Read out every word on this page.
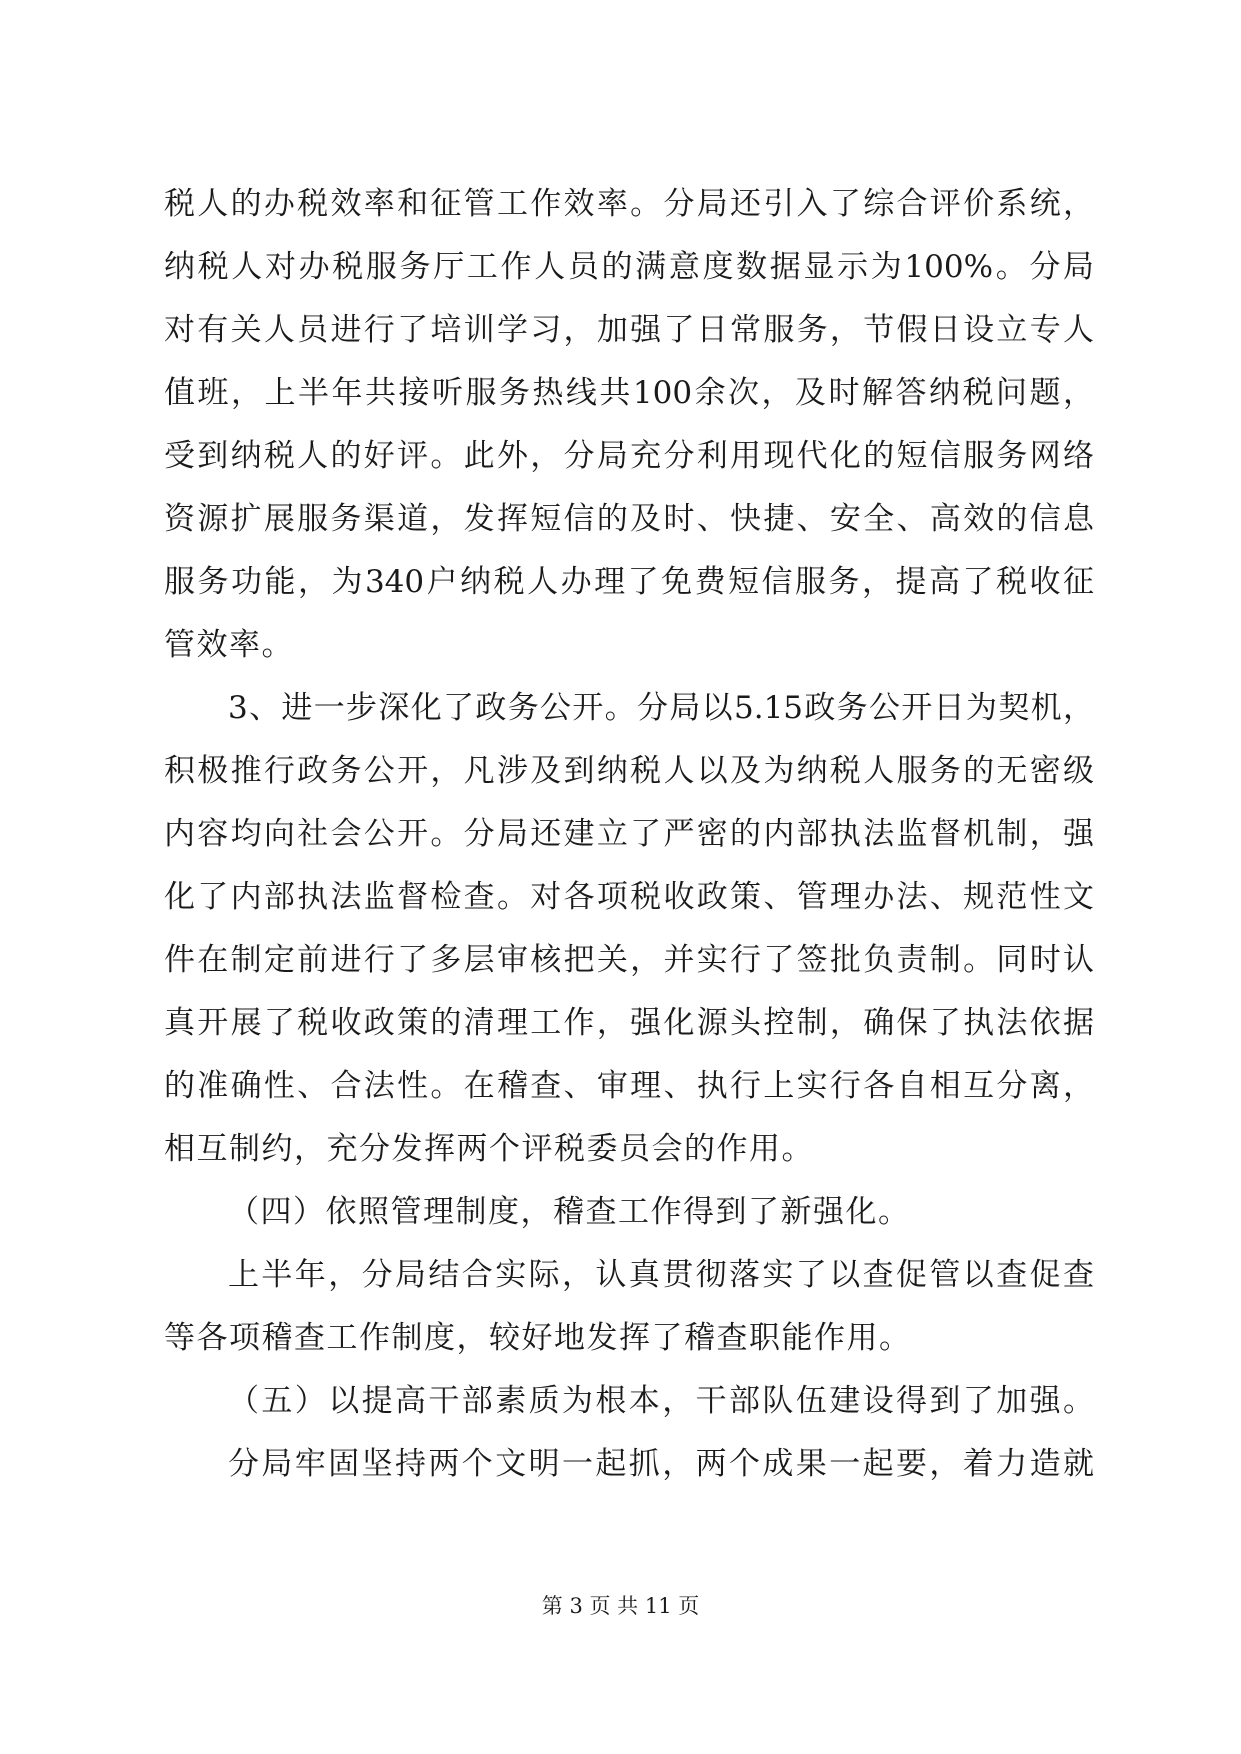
税人的办税效率和征管工作效率。分局还引入了综合评价系统，
纳税人对办税服务厅工作人员的满意度数据显示为100%。分局
对有关人员进行了培训学习，加强了日常服务，节假日设立专人
值班，上半年共接听服务热线共100余次，及时解答纳税问题，
受到纳税人的好评。此外，分局充分利用现代化的短信服务网络
资源扩展服务渠道，发挥短信的及时、快捷、安全、高效的信息
服务功能，为340户纳税人办理了免费短信服务，提高了税收征
管效率。
3、进一步深化了政务公开。分局以5.15政务公开日为契机，
积极推行政务公开，凡涉及到纳税人以及为纳税人服务的无密级
内容均向社会公开。分局还建立了严密的内部执法监督机制，强
化了内部执法监督检查。对各项税收政策、管理办法、规范性文
件在制定前进行了多层审核把关，并实行了签批负责制。同时认
真开展了税收政策的清理工作，强化源头控制，确保了执法依据
的准确性、合法性。在稽查、审理、执行上实行各自相互分离，
相互制约，充分发挥两个评税委员会的作用。
（四）依照管理制度，稽查工作得到了新强化。
上半年，分局结合实际，认真贯彻落实了以查促管以查促查
等各项稽查工作制度，较好地发挥了稽查职能作用。
（五）以提高干部素质为根本，干部队伍建设得到了加强。
分局牢固坚持两个文明一起抓，两个成果一起要，着力造就
第 3 页 共 11 页
